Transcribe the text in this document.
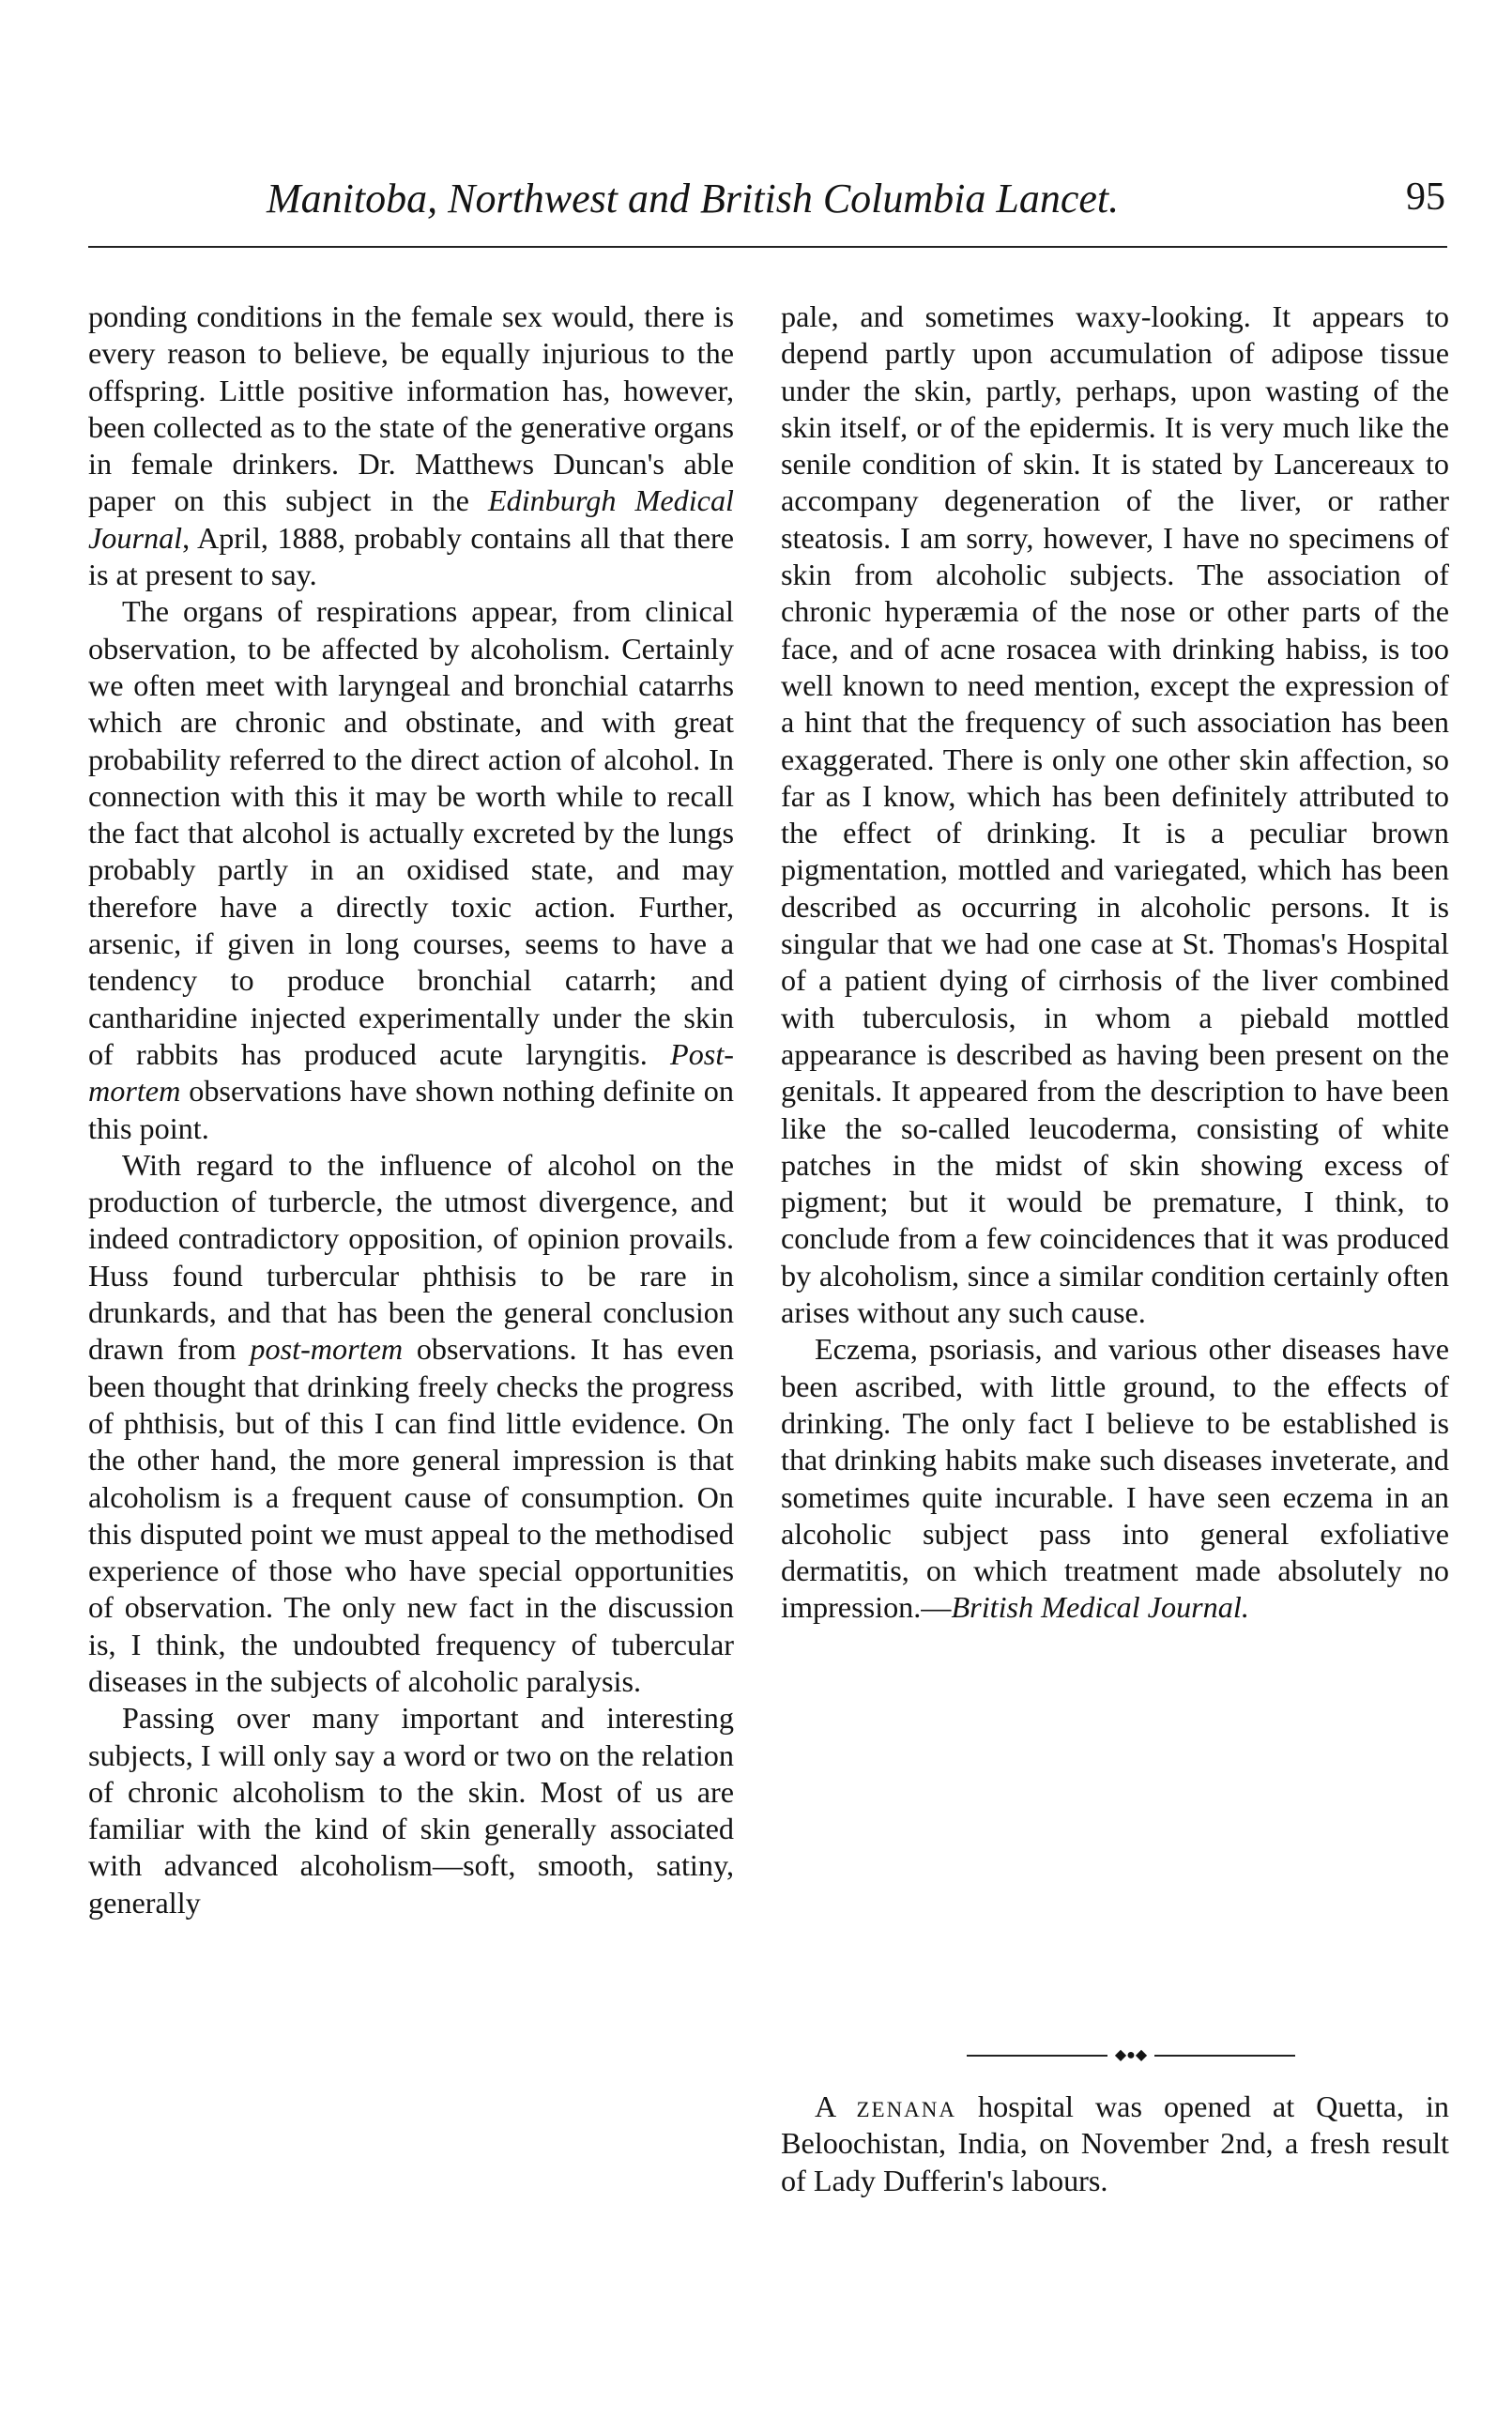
Manitoba, Northwest and British Columbia Lancet.	95

ponding conditions in the female sex would, there is every reason to believe, be equally injurious to the offspring. Little positive information has, however, been collected as to the state of the generative organs in female drinkers. Dr. Matthews Duncan's able paper on this subject in the Edinburgh Medical Journal, April, 1888, probably contains all that there is at present to say.

The organs of respirations appear, from clinical observation, to be affected by alcoholism. Certainly we often meet with laryngeal and bronchial catarrhs which are chronic and obstinate, and with great probability referred to the direct action of alcohol. In connection with this it may be worth while to recall the fact that alcohol is actually excreted by the lungs probably partly in an oxidised state, and may therefore have a directly toxic action. Further, arsenic, if given in long courses, seems to have a tendency to produce bronchial catarrh; and cantharidine injected experimentally under the skin of rabbits has produced acute laryngitis. Post-mortem observations have shown nothing definite on this point.

With regard to the influence of alcohol on the production of turbercle, the utmost divergence, and indeed contradictory opposition, of opinion provails. Huss found turbercular phthisis to be rare in drunkards, and that has been the general conclusion drawn from post-mortem observations. It has even been thought that drinking freely checks the progress of phthisis, but of this I can find little evidence. On the other hand, the more general impression is that alcoholism is a frequent cause of consumption. On this disputed point we must appeal to the methodised experience of those who have special opportunities of observation. The only new fact in the discussion is, I think, the undoubted frequency of tubercular diseases in the subjects of alcoholic paralysis.

Passing over many important and interesting subjects, I will only say a word or two on the relation of chronic alcoholism to the skin. Most of us are familiar with the kind of skin generally associated with advanced alcoholism—soft, smooth, satiny, generally

pale, and sometimes waxy-looking. It appears to depend partly upon accumulation of adipose tissue under the skin, partly, perhaps, upon wasting of the skin itself, or of the epidermis. It is very much like the senile condition of skin. It is stated by Lancereaux to accompany degeneration of the liver, or rather steatosis. I am sorry, however, I have no specimens of skin from alcoholic subjects. The association of chronic hyperæmia of the nose or other parts of the face, and of acne rosacea with drinking habiss, is too well known to need mention, except the expression of a hint that the frequency of such association has been exaggerated. There is only one other skin affection, so far as I know, which has been definitely attributed to the effect of drinking. It is a peculiar brown pigmentation, mottled and variegated, which has been described as occurring in alcoholic persons. It is singular that we had one case at St. Thomas's Hospital of a patient dying of cirrhosis of the liver combined with tuberculosis, in whom a piebald mottled appearance is described as having been present on the genitals. It appeared from the description to have been like the so-called leucoderma, consisting of white patches in the midst of skin showing excess of pigment; but it would be premature, I think, to conclude from a few coincidences that it was produced by alcoholism, since a similar condition certainly often arises without any such cause.

Eczema, psoriasis, and various other diseases have been ascribed, with little ground, to the effects of drinking. The only fact I believe to be established is that drinking habits make such diseases inveterate, and sometimes quite incurable. I have seen eczema in an alcoholic subject pass into general exfoliative dermatitis, on which treatment made absolutely no impression.—British Medical Journal.

◆●◆

A zenana hospital was opened at Quetta, in Beloochistan, India, on November 2nd, a fresh result of Lady Dufferin's labours.
